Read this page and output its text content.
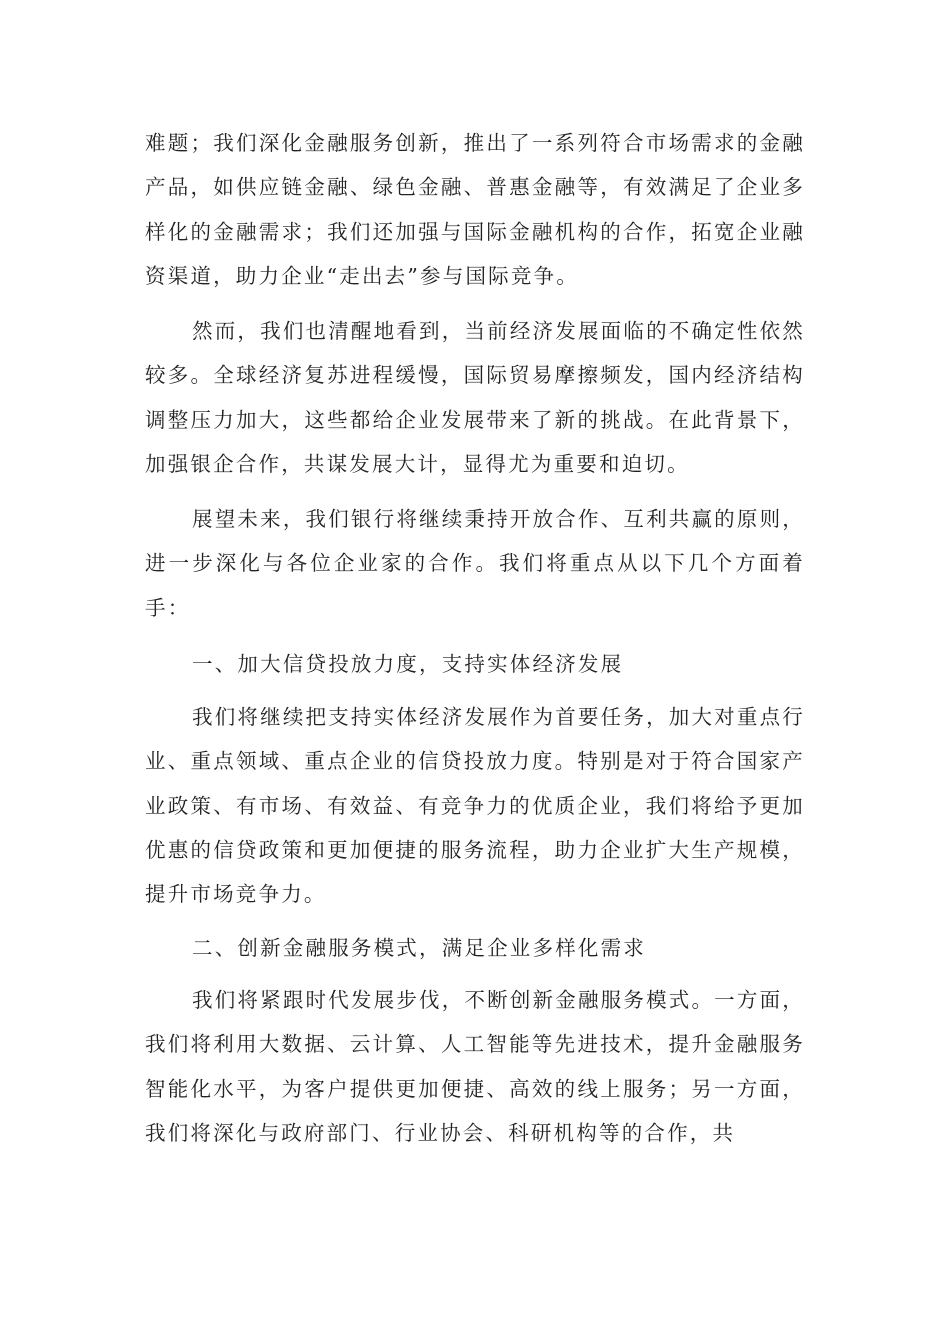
难题；我们深化金融服务创新，推出了一系列符合市场需求的金融产品，如供应链金融、绿色金融、普惠金融等，有效满足了企业多样化的金融需求；我们还加强与国际金融机构的合作，拓宽企业融资渠道，助力企业“走出去”参与国际竞争。
然而，我们也清醒地看到，当前经济发展面临的不确定性依然较多。全球经济复苏进程缓慢，国际贸易摩擦频发，国内经济结构调整压力加大，这些都给企业发展带来了新的挑战。在此背景下，加强银企合作，共谋发展大计，显得尤为重要和迫切。
展望未来，我们银行将继续秉持开放合作、互利共赢的原则，进一步深化与各位企业家的合作。我们将重点从以下几个方面着手：
一、加大信贷投放力度，支持实体经济发展
我们将继续把支持实体经济发展作为首要任务，加大对重点行业、重点领域、重点企业的信贷投放力度。特别是对于符合国家产业政策、有市场、有效益、有竞争力的优质企业，我们将给予更加优惠的信贷政策和更加便捷的服务流程，助力企业扩大生产规模，提升市场竞争力。
二、创新金融服务模式，满足企业多样化需求
我们将紧跟时代发展步伐，不断创新金融服务模式。一方面，我们将利用大数据、云计算、人工智能等先进技术，提升金融服务智能化水平，为客户提供更加便捷、高效的线上服务；另一方面，我们将深化与政府部门、行业协会、科研机构等的合作，共
